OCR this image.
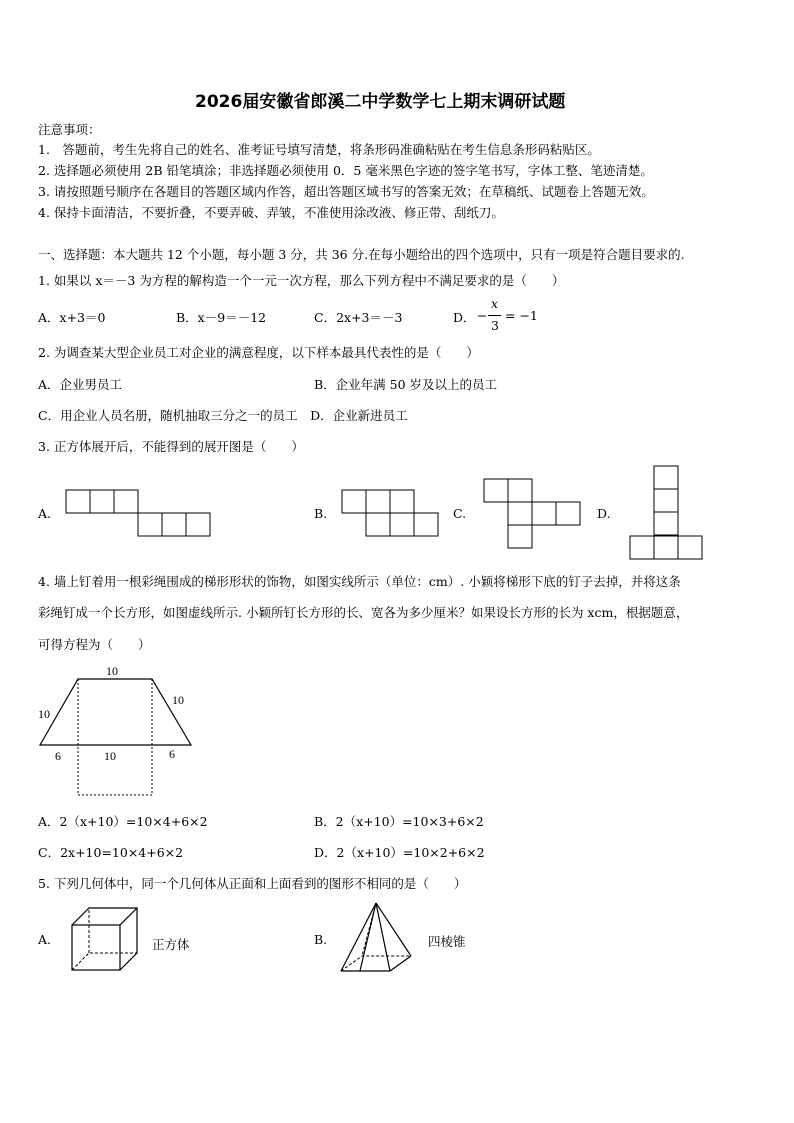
2026届安徽省郎溪二中学数学七上期末调研试题
注意事项：
1.　答题前，考生先将自己的姓名、准考证号填写清楚，将条形码准确粘贴在考生信息条形码粘贴区。
2. 选择题必须使用 2B 铅笔填涂；非选择题必须使用 0．5 毫米黑色字迹的签字笔书写，字体工整、笔迹清楚。
3. 请按照题号顺序在各题目的答题区域内作答，超出答题区域书写的答案无效；在草稿纸、试题卷上答题无效。
4. 保持卡面清洁，不要折叠，不要弄破、弄皱，不准使用涂改液、修正带、刮纸刀。
一、选择题：本大题共 12 个小题，每小题 3 分，共 36 分.在每小题给出的四个选项中，只有一项是符合题目要求的.
1. 如果以 x＝－3 为方程的解构造一个一元一次方程，那么下列方程中不满足要求的是（　　）
A．x+3＝0	B．x－9＝－12	C．2x+3＝－3	D． −
x
3
= −1
2. 为调查某大型企业员工对企业的满意程度，以下样本最具代表性的是（　　）
A．企业男员工	B．企业年满 50 岁及以上的员工
C．用企业人员名册，随机抽取三分之一的员工　D．企业新进员工
3. 正方体展开后，不能得到的展开图是（　　）
A.	B.	C.	D.
4. 墙上钉着用一根彩绳围成的梯形形状的饰物，如图实线所示（单位：cm）. 小颖将梯形下底的钉子去掉，并将这条
彩绳钉成一个长方形，如图虚线所示. 小颖所钉长方形的长、宽各为多少厘米？如果设长方形的长为 xcm，根据题意，
可得方程为（　　）
10
10
10
6	10	6
A．2（x+10）=10×4+6×2	B．2（x+10）=10×3+6×2
C．2x+10=10×4+6×2	D．2（x+10）=10×2+6×2
5. 下列几何体中，同一个几何体从正面和上面看到的图形不相同的是（　　）
A.	B.
正方体	四棱锥
